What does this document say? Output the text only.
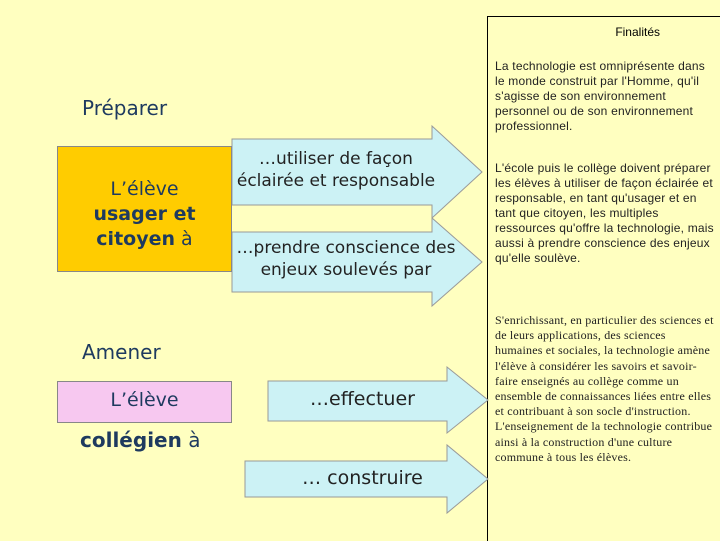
Finalités
La technologie est omniprésente dans le monde construit par l'Homme, qu'il s'agisse de son environnement personnel ou de son environnement professionnel.
L'école puis le collège doivent préparer les élèves à utiliser de façon éclairée et responsable, en tant qu'usager et en tant que citoyen, les multiples ressources qu'offre la technologie, mais aussi à prendre conscience des enjeux qu'elle soulève.
S'enrichissant, en particulier des sciences et de leurs applications, des sciences humaines et sociales, la technologie amène l'élève à considérer les savoirs et savoir-faire enseignés au collège comme un ensemble de connaissances liées entre elles et contribuant à son socle d'instruction. L'enseignement de la technologie contribue ainsi à la construction d'une culture commune à tous les élèves.
…utiliser de façon éclairée et responsable
…prendre conscience des enjeux soulevés par
…effectuer
… construire
Préparer
L’élève
usager et
citoyen à
Amener
L’élève
collégien à
